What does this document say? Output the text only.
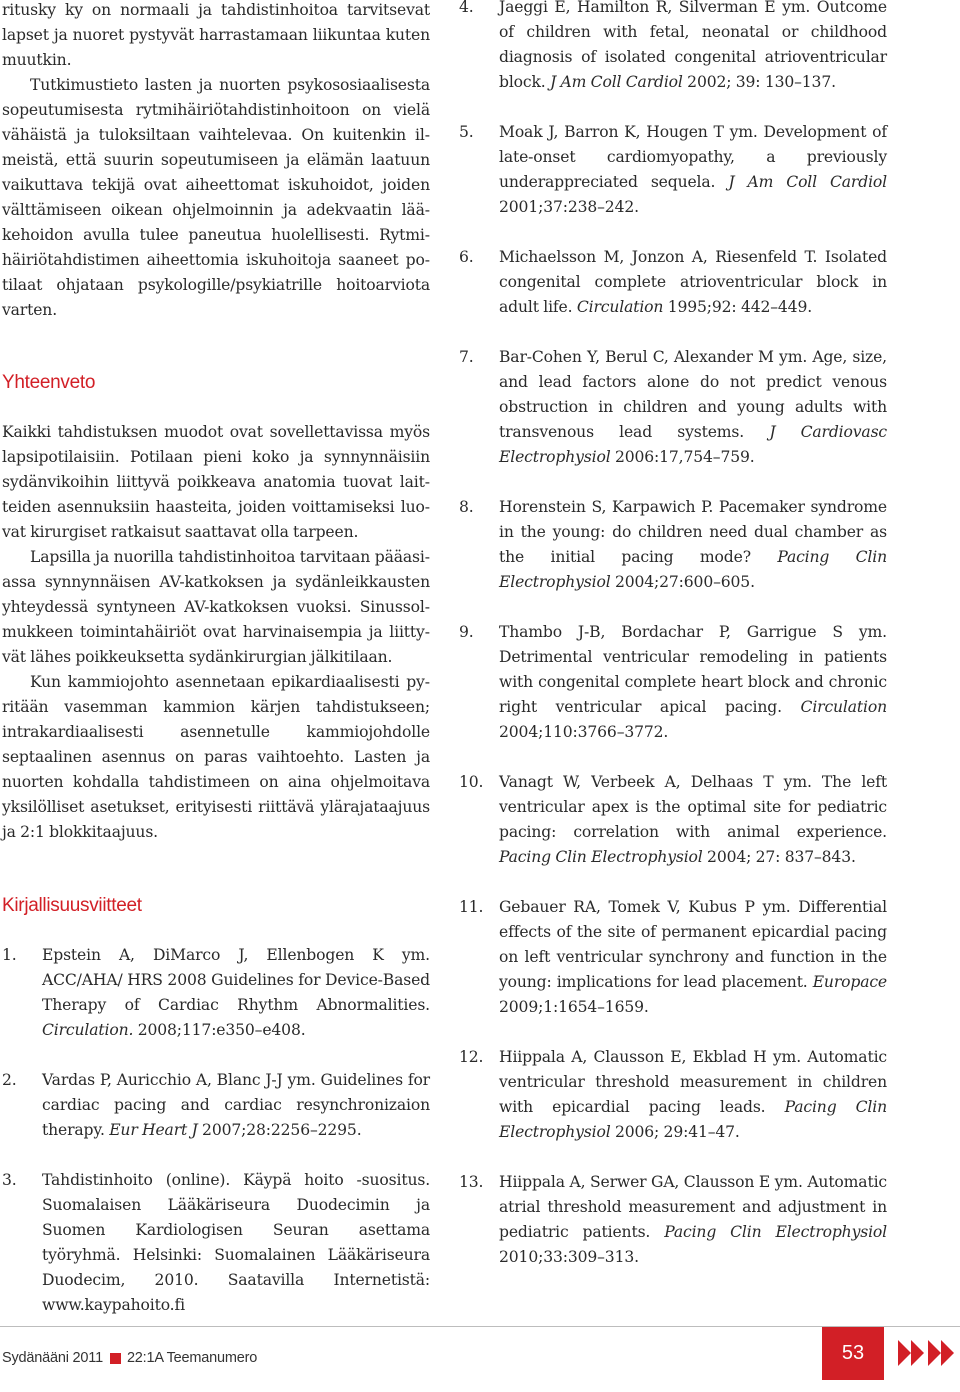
ritusky ky on normaali ja tahdistinhoitoa tarvitsevat lapset ja nuoret pystyvät harrastamaan liikuntaa kuten muutkin.

Tutkimustieto lasten ja nuorten psykososiaalisesta sopeutumisesta rytmihäiriötahdistinhoitoon on vielä vähäistä ja tuloksiltaan vaihtelevaa. On kuitenkin ilmeistä, että suurin sopeutumiseen ja elämän laatuun vaikuttava tekijä ovat aiheettomat iskuhoidot, joiden välttämiseen oikean ohjelmoinnin ja adekvaatin lääkehoidon avulla tulee paneutua huolellisesti. Rytmihäiriötahdistimen aiheettomia iskuhoitoja saaneet potilaat ohjataan psykologille/psykiatrille hoitoarviota varten.

Yhteenveto

Kaikki tahdistuksen muodot ovat sovellettavissa myös lapsipotilaisiin. Potilaan pieni koko ja synnynnäisiin sydänvikoihin liittyvä poikkeava anatomia tuovat laitteiden asennuksiin haasteita, joiden voittamiseksi luovat kirurgiset ratkaisut saattavat olla tarpeen.

Lapsilla ja nuorilla tahdistinhoitoa tarvitaan pääasiassa synnynnäisen AV-katkoksen ja sydänleikkausten yhteydessä syntyneen AV-katkoksen vuoksi. Sinussolmukkeen toimintahäiriöt ovat harvinaisempia ja liittyvät lähes poikkeuksetta sydänkirurgian jälkitilaan.

Kun kammiojohto asennetaan epikardiaalisesti pyritään vasemman kammion kärjen tahdistukseen; intrakardiaalisesti asennetulle kammiojohdolle septaalinen asennus on paras vaihtoehto. Lasten ja nuorten kohdalla tahdistimeen on aina ohjelmoitava yksilölliset asetukset, erityisesti riittävä ylärajataajuus ja 2:1 blokkitaajuus.

Kirjallisuusviitteet
1.	Epstein A, DiMarco J, Ellenbogen K ym. ACC/AHA/ HRS 2008 Guidelines for Device-Based Therapy of Cardiac Rhythm Abnormalities. Circulation. 2008;117:e350–e408.
2.	Vardas P, Auricchio A, Blanc J-J ym. Guidelines for cardiac pacing and cardiac resynchronizaion therapy. Eur Heart J 2007;28:2256–2295.
3.	Tahdistinhoito (online). Käypä hoito -suositus. Suomalaisen Lääkäriseura Duodecimin ja Suomen Kardiologisen Seuran asettama työryhmä. Helsinki: Suomalainen Lääkäriseura Duodecim, 2010. Saatavilla Internetistä: www.kaypahoito.fi
4.	Jaeggi E, Hamilton R, Silverman E ym. Outcome of children with fetal, neonatal or childhood diagnosis of isolated congenital atrioventricular block. J Am Coll Cardiol 2002; 39: 130–137.
5.	Moak J, Barron K, Hougen T ym. Development of late-onset cardiomyopathy, a previously underappreciated sequela. J Am Coll Cardiol 2001;37:238–242.
6.	Michaelsson M, Jonzon A, Riesenfeld T. Isolated congenital complete atrioventricular block in adult life. Circulation 1995;92: 442–449.
7.	Bar-Cohen Y, Berul C, Alexander M ym. Age, size, and lead factors alone do not predict venous obstruction in children and young adults with transvenous lead systems. J Cardiovasc Electrophysiol 2006:17,754–759.
8.	Horenstein S, Karpawich P. Pacemaker syndrome in the young: do children need dual chamber as the initial pacing mode? Pacing Clin Electrophysiol 2004;27:600–605.
9.	Thambo J-B, Bordachar P, Garrigue S ym. Detrimental ventricular remodeling in patients with congenital complete heart block and chronic right ventricular apical pacing. Circulation 2004;110:3766–3772.
10.	Vanagt W, Verbeek A, Delhaas T ym. The left ventricular apex is the optimal site for pediatric pacing: correlation with animal experience. Pacing Clin Electrophysiol 2004; 27: 837–843.
11.	Gebauer RA, Tomek V, Kubus P ym. Differential effects of the site of permanent epicardial pacing on left ventricular synchrony and function in the young: implications for lead placement. Europace 2009;1:1654–1659.
12.	Hiippala A, Clausson E, Ekblad H ym. Automatic ventricular threshold measurement in children with epicardial pacing leads. Pacing Clin Electrophysiol 2006; 29:41–47.
13.	Hiippala A, Serwer GA, Clausson E ym. Automatic atrial threshold measurement and adjustment in pediatric patients. Pacing Clin Electrophysiol 2010;33:309–313.
Sydänääni 2011 22:1A Teemanumero	53
